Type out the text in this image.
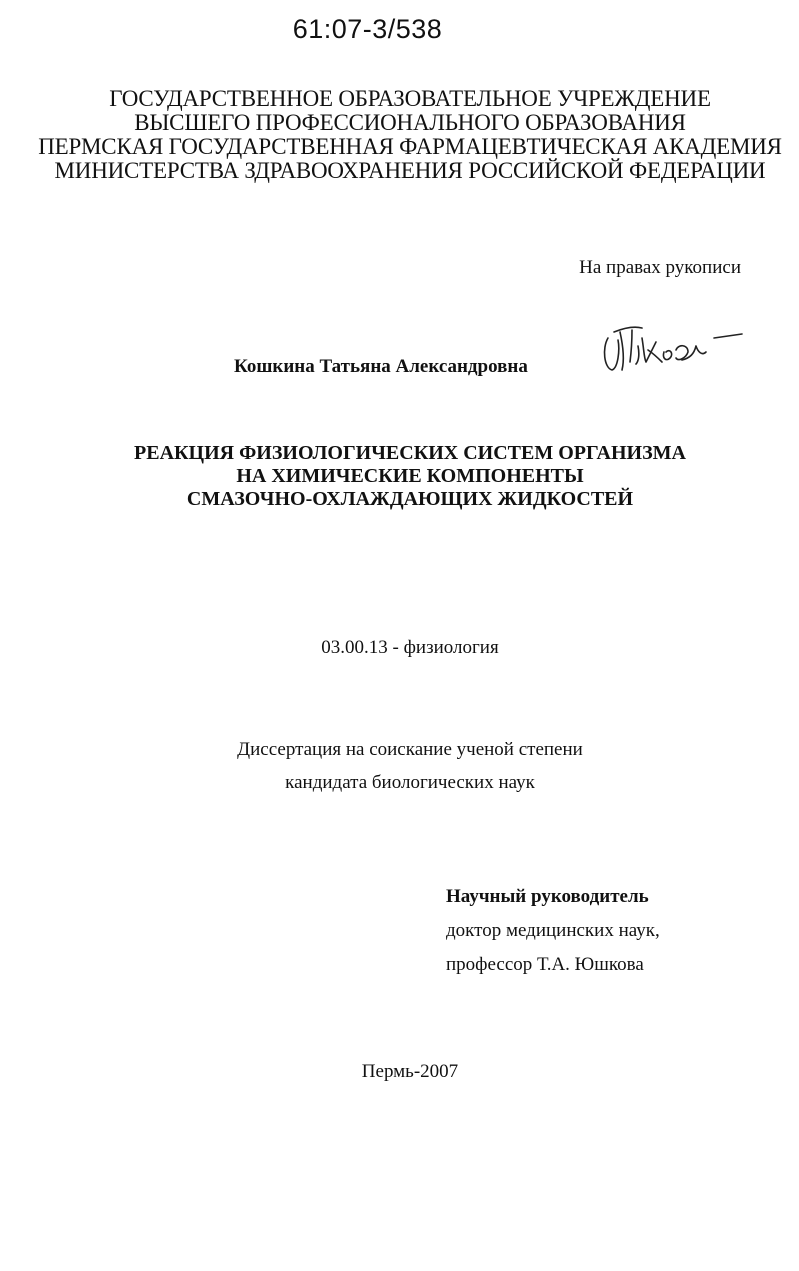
61:07-3/538
ГОСУДАРСТВЕННОЕ ОБРАЗОВАТЕЛЬНОЕ УЧРЕЖДЕНИЕ
ВЫСШЕГО ПРОФЕССИОНАЛЬНОГО ОБРАЗОВАНИЯ
ПЕРМСКАЯ ГОСУДАРСТВЕННАЯ ФАРМАЦЕВТИЧЕСКАЯ АКАДЕМИЯ
МИНИСТЕРСТВА ЗДРАВООХРАНЕНИЯ РОССИЙСКОЙ ФЕДЕРАЦИИ
На правах рукописи
Кошкина Татьяна Александровна
РЕАКЦИЯ ФИЗИОЛОГИЧЕСКИХ СИСТЕМ ОРГАНИЗМА
НА ХИМИЧЕСКИЕ КОМПОНЕНТЫ
СМАЗОЧНО-ОХЛАЖДАЮЩИХ ЖИДКОСТЕЙ
03.00.13 - физиология
Диссертация на соискание ученой степени
кандидата биологических наук
Научный руководитель
доктор медицинских наук,
профессор Т.А. Юшкова
Пермь-2007
